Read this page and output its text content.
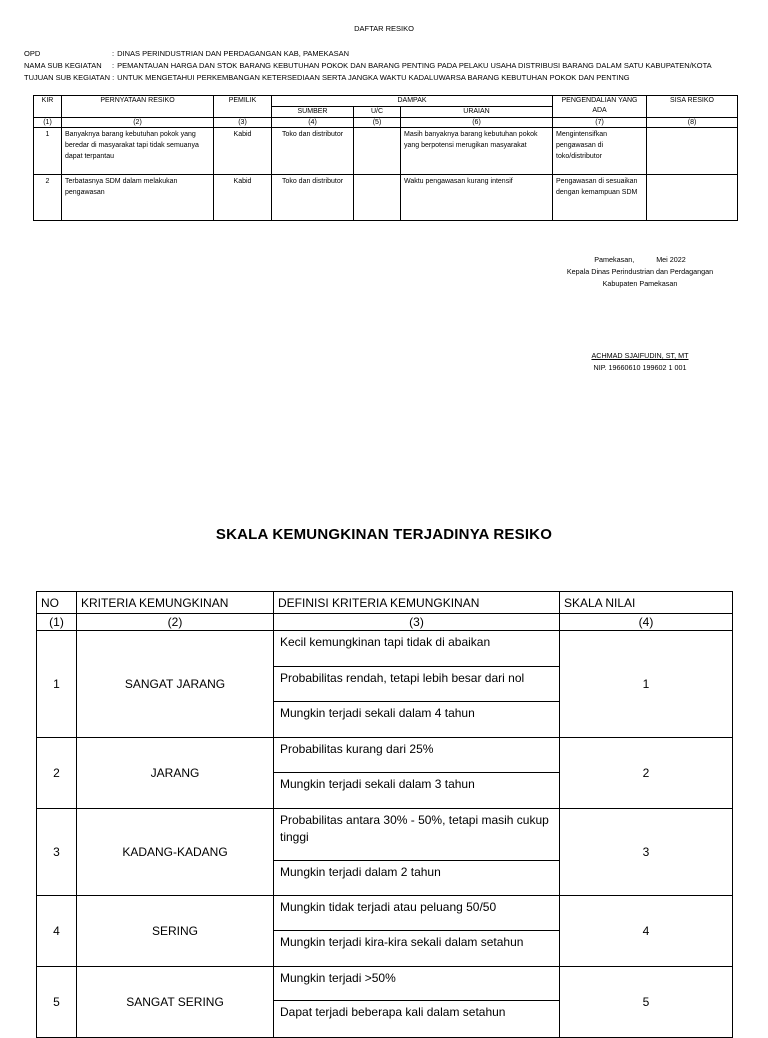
DAFTAR RESIKO
OPD	: DINAS PERINDUSTRIAN DAN PERDAGANGAN KAB, PAMEKASAN
NAMA SUB KEGIATAN	: PEMANTAUAN HARGA DAN STOK BARANG KEBUTUHAN POKOK DAN BARANG PENTING PADA PELAKU USAHA DISTRIBUSI BARANG DALAM SATU KABUPATEN/KOTA
TUJUAN SUB KEGIATAN : UNTUK MENGETAHUI PERKEMBANGAN KETERSEDIAAN SERTA JANGKA WAKTU KADALUWARSA BARANG KEBUTUHAN POKOK DAN PENTING
KIR	PERNYATAAN RESIKO	PEMILIK	DAMPAK			PENGENDALIAN YANG ADA	SISA RESIKO
			SUMBER	U/C	URAIAN		
(1)	(2)	(3)	(4)	(5)	(6)	(7)	(8)
1	Banyaknya barang kebutuhan pokok yang beredar di masyarakat tapi tidak semuanya dapat terpantau	Kabid	Toko dan distributor		Masih banyaknya barang kebutuhan pokok yang berpotensi merugikan masyarakat	Mengintensifkan pengawasan di toko/distributor	
2	Terbatasnya SDM dalam melakukan pengawasan	Kabid	Toko dan distributor		Waktu pengawasan kurang intensif	Pengawasan di sesuaikan dengan kemampuan SDM	
Pamekasan,	Mei 2022
Kepala Dinas Perindustrian dan Perdagangan
Kabupaten Pamekasan
ACHMAD SJAIFUDIN, ST, MT
NIP. 19660610 199602 1 001
SKALA KEMUNGKINAN TERJADINYA RESIKO
NO	KRITERIA KEMUNGKINAN	DEFINISI KRITERIA KEMUNGKINAN	SKALA NILAI
(1)	(2)	(3)	(4)
1	SANGAT JARANG	Kecil kemungkinan tapi tidak di abaikan
Probabilitas rendah, tetapi lebih besar dari nol
Mungkin terjadi sekali dalam 4 tahun	1
2	JARANG	Probabilitas kurang dari 25%
Mungkin terjadi sekali dalam 3 tahun	2
3	KADANG-KADANG	Probabilitas antara 30% - 50%, tetapi masih cukup tinggi
Mungkin terjadi dalam 2 tahun	3
4	SERING	Mungkin tidak terjadi atau peluang 50/50
Mungkin terjadi kira-kira sekali dalam setahun	4
5	SANGAT SERING	Mungkin terjadi >50%
Dapat terjadi beberapa kali dalam setahun	5
